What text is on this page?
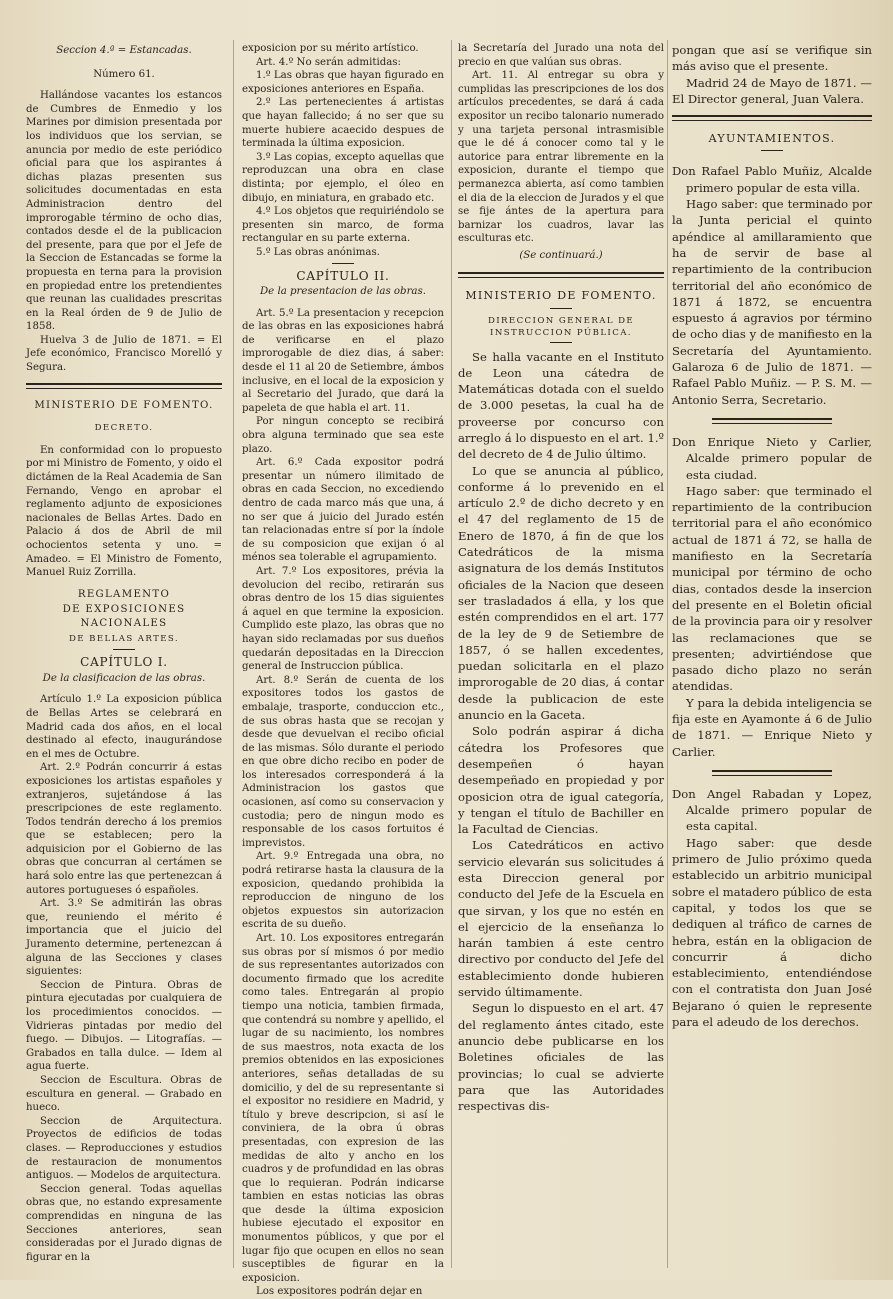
Seccion 4.ª = Estancadas.

Número 61.

Hallándose vacantes los estancos de Cumbres de Enmedio y los Marines por dimision presentada por los individuos que los servian, se anuncia por medio de este periódico oficial para que los aspirantes á dichas plazas presenten sus solicitudes documentadas en esta Administracion dentro del improrogable término de ocho dias, contados desde el de la publicacion del presente, para que por el Jefe de la Seccion de Estancadas se forme la propuesta en terna para la provision en propiedad entre los pretendientes que reunan las cualidades prescritas en la Real órden de 9 de Julio de 1858.

Huelva 3 de Julio de 1871. = El Jefe económico, Francisco Morelló y Segura.

MINISTERIO DE FOMENTO.

DECRETO.

En conformidad con lo propuesto por mi Ministro de Fomento, y oido el dictámen de la Real Academia de San Fernando, Vengo en aprobar el reglamento adjunto de exposiciones nacionales de Bellas Artes. Dado en Palacio á dos de Abril de mil ochocientos setenta y uno. = Amadeo. = El Ministro de Fomento, Manuel Ruiz Zorrilla.

REGLAMENTO

DE EXPOSICIONES NACIONALES

DE BELLAS ARTES.

CAPÍTULO I.

De la clasificacion de las obras.

Artículo 1.º La exposicion pública de Bellas Artes se celebrará en Madrid cada dos años, en el local destinado al efecto, inaugurándose en el mes de Octubre.

Art. 2.º Podrán concurrir á estas exposiciones los artistas españoles y extranjeros, sujetándose á las prescripciones de este reglamento. Todos tendrán derecho á los premios que se establecen; pero la adquisicion por el Gobierno de las obras que concurran al certámen se hará solo entre las que pertenezcan á autores portugueses ó españoles.

Art. 3.º Se admitirán las obras que, reuniendo el mérito é importancia que el juicio del Juramento determine, pertenezcan á alguna de las Secciones y clases siguientes:

Seccion de Pintura. Obras de pintura ejecutadas por cualquiera de los procedimientos conocidos. — Vidrieras pintadas por medio del fuego. — Dibujos. — Litografías. — Grabados en talla dulce. — Idem al agua fuerte.

Seccion de Escultura. Obras de escultura en general. — Grabado en hueco.

Seccion de Arquitectura. Proyectos de edificios de todas clases. — Reproducciones y estudios de restauracion de monumentos antiguos. — Modelos de arquitectura.

Seccion general. Todas aquellas obras que, no estando expresamente comprendidas en ninguna de las Secciones anteriores, sean consideradas por el Jurado dignas de figurar en la

exposicion por su mérito artístico.

Art. 4.º No serán admitidas:

1.º Las obras que hayan figurado en exposiciones anteriores en España.

2.º Las pertenecientes á artistas que hayan fallecido; á no ser que su muerte hubiere acaecido despues de terminada la última exposicion.

3.º Las copias, excepto aquellas que reproduzcan una obra en clase distinta; por ejemplo, el óleo en dibujo, en miniatura, en grabado etc.

4.º Los objetos que requiriéndolo se presenten sin marco, de forma rectangular en su parte externa.

5.º Las obras anónimas.

CAPÍTULO II.

De la presentacion de las obras.

Art. 5.º La presentacion y recepcion de las obras en las exposiciones habrá de verificarse en el plazo improrogable de diez dias, á saber: desde el 11 al 20 de Setiembre, ámbos inclusive, en el local de la exposicion y al Secretario del Jurado, que dará la papeleta de que habla el art. 11.

Por ningun concepto se recibirá obra alguna terminado que sea este plazo.

Art. 6.º Cada expositor podrá presentar un número ilimitado de obras en cada Seccion, no excediendo dentro de cada marco más que una, á no ser que á juicio del Jurado estén tan relacionadas entre sí por la índole de su composicion que exijan ó al ménos sea tolerable el agrupamiento.

Art. 7.º Los expositores, prévia la devolucion del recibo, retirarán sus obras dentro de los 15 dias siguientes á aquel en que termine la exposicion. Cumplido este plazo, las obras que no hayan sido reclamadas por sus dueños quedarán depositadas en la Direccion general de Instruccion pública.

Art. 8.º Serán de cuenta de los expositores todos los gastos de embalaje, trasporte, conduccion etc., de sus obras hasta que se recojan y desde que devuelvan el recibo oficial de las mismas. Sólo durante el periodo en que obre dicho recibo en poder de los interesados corresponderá á la Administracion los gastos que ocasionen, así como su conservacion y custodia; pero de ningun modo es responsable de los casos fortuitos é imprevistos.

Art. 9.º Entregada una obra, no podrá retirarse hasta la clausura de la exposicion, quedando prohibida la reproduccion de ninguno de los objetos expuestos sin autorizacion escrita de su dueño.

Art. 10. Los expositores entregarán sus obras por sí mismos ó por medio de sus representantes autorizados con documento firmado que los acredite como tales. Entregarán al propio tiempo una noticia, tambien firmada, que contendrá su nombre y apellido, el lugar de su nacimiento, los nombres de sus maestros, nota exacta de los premios obtenidos en las exposiciones anteriores, señas detalladas de su domicilio, y del de su representante si el expositor no residiere en Madrid, y título y breve descripcion, si así le conviniera, de la obra ú obras presentadas, con expresion de las medidas de alto y ancho en los cuadros y de profundidad en las obras que lo requieran. Podrán indicarse tambien en estas noticias las obras que desde la última exposicion hubiese ejecutado el expositor en monumentos públicos, y que por el lugar fijo que ocupen en ellos no sean susceptibles de figurar en la exposicion.

Los expositores podrán dejar en

la Secretaría del Jurado una nota del precio en que valúan sus obras.

Art. 11. Al entregar su obra y cumplidas las prescripciones de los dos artículos precedentes, se dará á cada expositor un recibo talonario numerado y una tarjeta personal intrasmisible que le dé á conocer como tal y le autorice para entrar libremente en la exposicion, durante el tiempo que permanezca abierta, así como tambien el dia de la eleccion de Jurados y el que se fije ántes de la apertura para barnizar los cuadros, lavar las esculturas etc.

(Se continuará.)

MINISTERIO DE FOMENTO.

DIRECCION GENERAL DE INSTRUCCION PÚBLICA.

Se halla vacante en el Instituto de Leon una cátedra de Matemáticas dotada con el sueldo de 3.000 pesetas, la cual ha de proveerse por concurso con arreglo á lo dispuesto en el art. 1.º del decreto de 4 de Julio último.

Lo que se anuncia al público, conforme á lo prevenido en el artículo 2.º de dicho decreto y en el 47 del reglamento de 15 de Enero de 1870, á fin de que los Catedráticos de la misma asignatura de los demás Institutos oficiales de la Nacion que deseen ser trasladados á ella, y los que estén comprendidos en el art. 177 de la ley de 9 de Setiembre de 1857, ó se hallen excedentes, puedan solicitarla en el plazo improrogable de 20 dias, á contar desde la publicacion de este anuncio en la Gaceta.

Solo podrán aspirar á dicha cátedra los Profesores que desempeñen ó hayan desempeñado en propiedad y por oposicion otra de igual categoría, y tengan el título de Bachiller en la Facultad de Ciencias.

Los Catedráticos en activo servicio elevarán sus solicitudes á esta Direccion general por conducto del Jefe de la Escuela en que sirvan, y los que no estén en el ejercicio de la enseñanza lo harán tambien á este centro directivo por conducto del Jefe del establecimiento donde hubieren servido últimamente.

Segun lo dispuesto en el art. 47 del reglamento ántes citado, este anuncio debe publicarse en los Boletines oficiales de las provincias; lo cual se advierte para que las Autoridades respectivas dis-

pongan que así se verifique sin más aviso que el presente.

Madrid 24 de Mayo de 1871. — El Director general, Juan Valera.

AYUNTAMIENTOS.

Don Rafael Pablo Muñiz, Alcalde primero popular de esta villa.

Hago saber: que terminado por la Junta pericial el quinto apéndice al amillaramiento que ha de servir de base al repartimiento de la contribucion territorial del año económico de 1871 á 1872, se encuentra espuesto á agravios por término de ocho dias y de manifiesto en la Secretaría del Ayuntamiento. Galaroza 6 de Julio de 1871. — Rafael Pablo Muñiz. — P. S. M. — Antonio Serra, Secretario.

Don Enrique Nieto y Carlier, Alcalde primero popular de esta ciudad.

Hago saber: que terminado el repartimiento de la contribucion territorial para el año económico actual de 1871 á 72, se halla de manifiesto en la Secretaría municipal por término de ocho dias, contados desde la insercion del presente en el Boletin oficial de la provincia para oir y resolver las reclamaciones que se presenten; advirtiéndose que pasado dicho plazo no serán atendidas.

Y para la debida inteligencia se fija este en Ayamonte á 6 de Julio de 1871. — Enrique Nieto y Carlier.

Don Angel Rabadan y Lopez, Alcalde primero popular de esta capital.

Hago saber: que desde primero de Julio próximo queda establecido un arbitrio municipal sobre el matadero público de esta capital, y todos los que se dediquen al tráfico de carnes de hebra, están en la obligacion de concurrir á dicho establecimiento, entendiéndose con el contratista don Juan José Bejarano ó quien le represente para el adeudo de los derechos.
